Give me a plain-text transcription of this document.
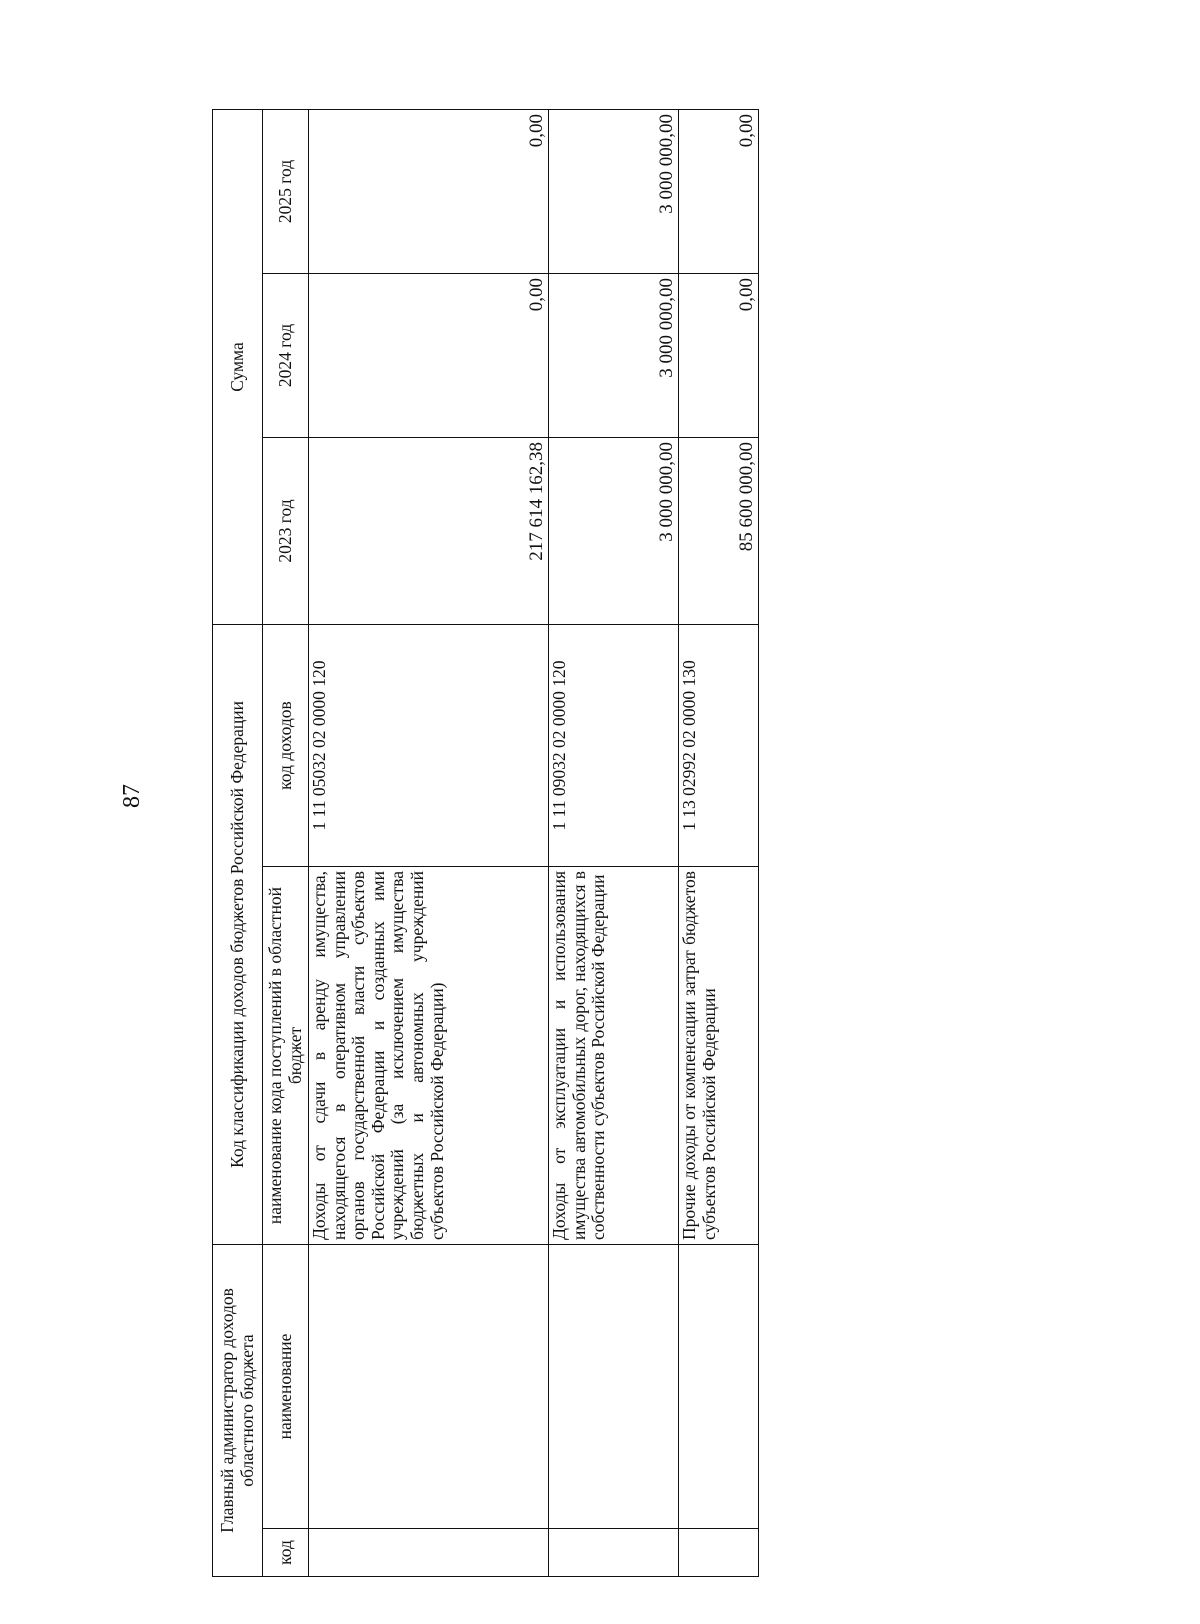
87
Главный администратор доходов областного бюджета		Код классификации доходов бюджетов Российской Федерации		Сумма		
код	наименование	наименование кода поступлений в областной бюджет	код доходов	2023 год	2024 год	2025 год
		Доходы от сдачи в аренду имущества, находящегося в оперативном управлении органов государственной власти субъектов Российской Федерации и созданных ими учреждений (за исключением имущества бюджетных и автономных учреждений субъектов Российской Федерации)	1 11 05032 02 0000 120	217 614 162,38	0,00	0,00
		Доходы от эксплуатации и использования имущества автомобильных дорог, находящихся в собственности субъектов Российской Федерации	1 11 09032 02 0000 120	3 000 000,00	3 000 000,00	3 000 000,00
		Прочие доходы от компенсации затрат бюджетов субъектов Российской Федерации	1 13 02992 02 0000 130	85 600 000,00	0,00	0,00
